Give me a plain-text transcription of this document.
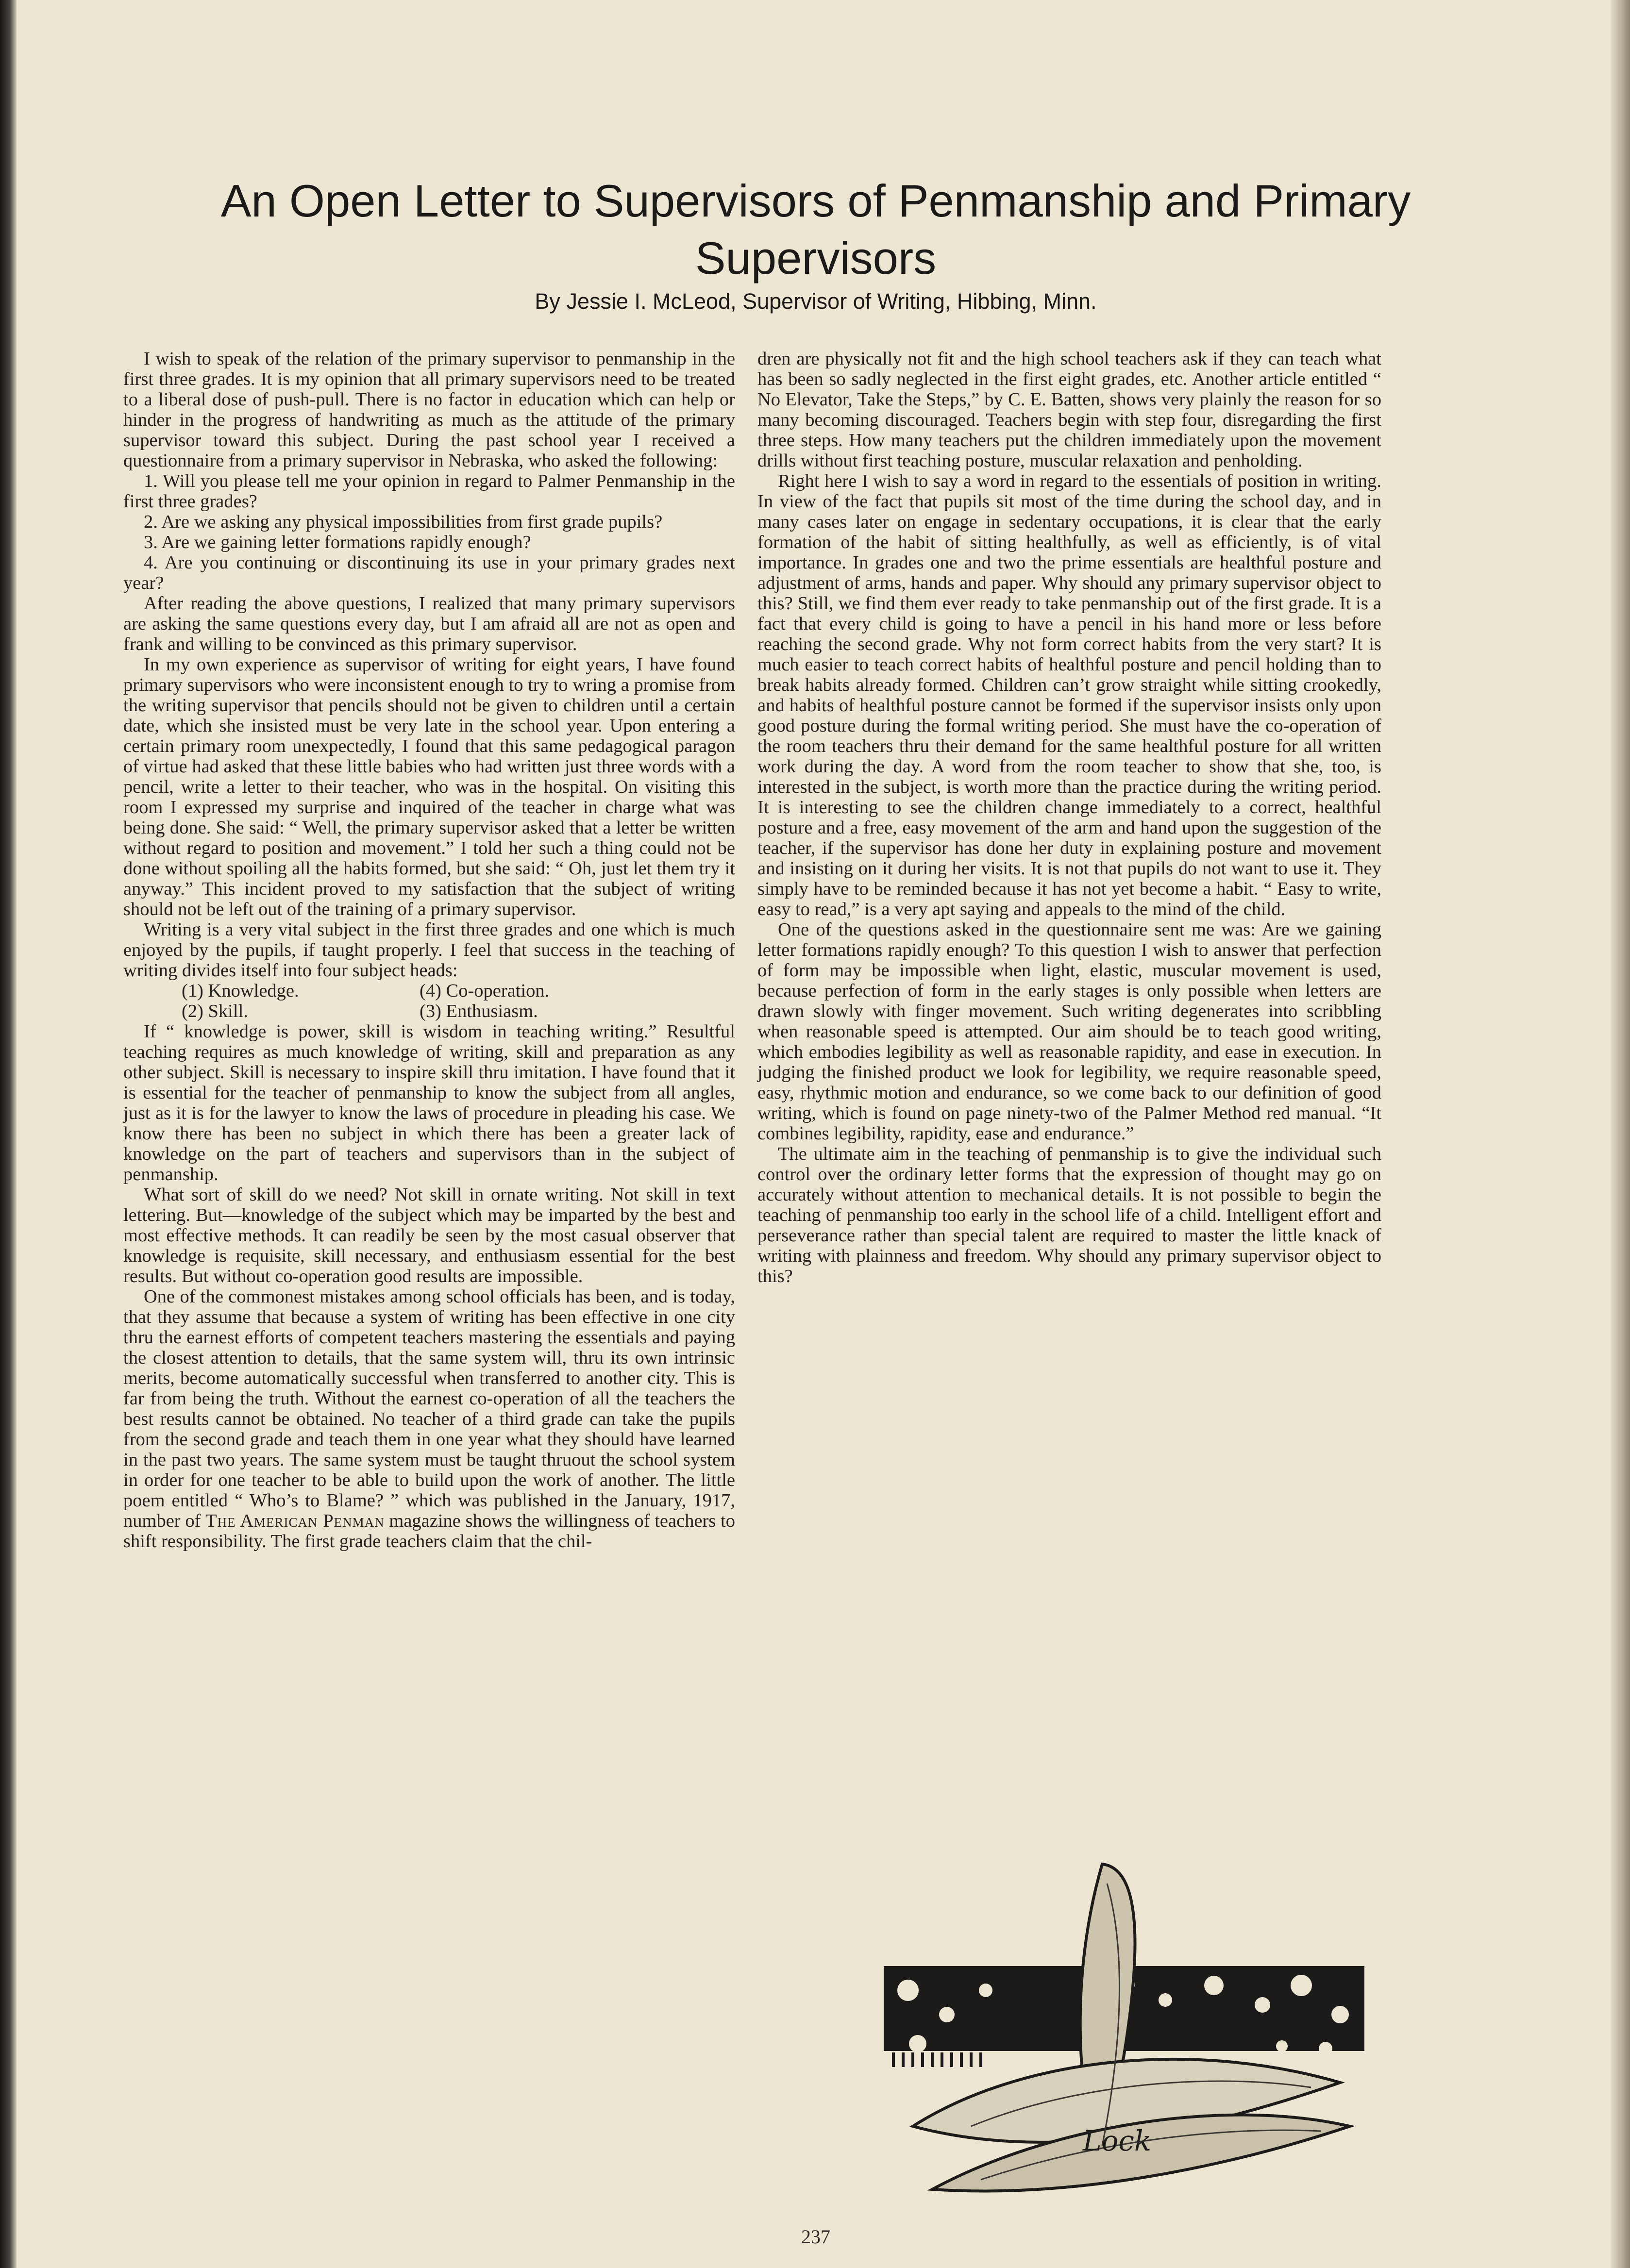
An Open Letter to Supervisors of Penmanship and Primary Supervisors
By Jessie I. McLeod, Supervisor of Writing, Hibbing, Minn.

I wish to speak of the relation of the primary supervisor to penmanship in the first three grades. It is my opinion that all primary supervisors need to be treated to a liberal dose of push-pull. There is no factor in education which can help or hinder in the progress of handwriting as much as the attitude of the primary supervisor toward this subject. During the past school year I received a questionnaire from a primary supervisor in Nebraska, who asked the following:

1. Will you please tell me your opinion in regard to Palmer Penmanship in the first three grades?

2. Are we asking any physical impossibilities from first grade pupils?

3. Are we gaining letter formations rapidly enough?

4. Are you continuing or discontinuing its use in your primary grades next year?

After reading the above questions, I realized that many primary supervisors are asking the same questions every day, but I am afraid all are not as open and frank and willing to be convinced as this primary supervisor.

In my own experience as supervisor of writing for eight years, I have found primary supervisors who were inconsistent enough to try to wring a promise from the writing supervisor that pencils should not be given to children until a certain date, which she insisted must be very late in the school year. Upon entering a certain primary room unexpectedly, I found that this same pedagogical paragon of virtue had asked that these little babies who had written just three words with a pencil, write a letter to their teacher, who was in the hospital. On visiting this room I expressed my surprise and inquired of the teacher in charge what was being done. She said: “ Well, the primary supervisor asked that a letter be written without regard to position and movement.” I told her such a thing could not be done without spoiling all the habits formed, but she said: “ Oh, just let them try it anyway.” This incident proved to my satisfaction that the subject of writing should not be left out of the training of a primary supervisor.

Writing is a very vital subject in the first three grades and one which is much enjoyed by the pupils, if taught properly. I feel that success in the teaching of writing divides itself into four subject heads:

(1) Knowledge.	(4) Co-operation.
(2) Skill.	(3) Enthusiasm.

If “ knowledge is power, skill is wisdom in teaching writing.” Resultful teaching requires as much knowledge of writing, skill and preparation as any other subject. Skill is necessary to inspire skill thru imitation. I have found that it is essential for the teacher of penmanship to know the subject from all angles, just as it is for the lawyer to know the laws of procedure in pleading his case. We know there has been no subject in which there has been a greater lack of knowledge on the part of teachers and supervisors than in the subject of penmanship.

What sort of skill do we need? Not skill in ornate writing. Not skill in text lettering. But—knowledge of the subject which may be imparted by the best and most effective methods. It can readily be seen by the most casual observer that knowledge is requisite, skill necessary, and enthusiasm essential for the best results. But without co-operation good results are impossible.

One of the commonest mistakes among school officials has been, and is today, that they assume that because a system of writing has been effective in one city thru the earnest efforts of competent teachers mastering the essentials and paying the closest attention to details, that the same system will, thru its own intrinsic merits, become automatically successful when transferred to another city. This is far from being the truth. Without the earnest co-operation of all the teachers the best results cannot be obtained. No teacher of a third grade can take the pupils from the second grade and teach them in one year what they should have learned in the past two years. The same system must be taught thruout the school system in order for one teacher to be able to build upon the work of another. The little poem entitled “ Who’s to Blame? ” which was published in the January, 1917, number of The American Penman magazine shows the willingness of teachers to shift responsibility. The first grade teachers claim that the chil-

dren are physically not fit and the high school teachers ask if they can teach what has been so sadly neglected in the first eight grades, etc. Another article entitled “ No Elevator, Take the Steps,” by C. E. Batten, shows very plainly the reason for so many becoming discouraged. Teachers begin with step four, disregarding the first three steps. How many teachers put the children immediately upon the movement drills without first teaching posture, muscular relaxation and penholding.

Right here I wish to say a word in regard to the essentials of position in writing. In view of the fact that pupils sit most of the time during the school day, and in many cases later on engage in sedentary occupations, it is clear that the early formation of the habit of sitting healthfully, as well as efficiently, is of vital importance. In grades one and two the prime essentials are healthful posture and adjustment of arms, hands and paper. Why should any primary supervisor object to this? Still, we find them ever ready to take penmanship out of the first grade. It is a fact that every child is going to have a pencil in his hand more or less before reaching the second grade. Why not form correct habits from the very start? It is much easier to teach correct habits of healthful posture and pencil holding than to break habits already formed. Children can’t grow straight while sitting crookedly, and habits of healthful posture cannot be formed if the supervisor insists only upon good posture during the formal writing period. She must have the co-operation of the room teachers thru their demand for the same healthful posture for all written work during the day. A word from the room teacher to show that she, too, is interested in the subject, is worth more than the practice during the writing period. It is interesting to see the children change immediately to a correct, healthful posture and a free, easy movement of the arm and hand upon the suggestion of the teacher, if the supervisor has done her duty in explaining posture and movement and insisting on it during her visits. It is not that pupils do not want to use it. They simply have to be reminded because it has not yet become a habit. “ Easy to write, easy to read,” is a very apt saying and appeals to the mind of the child.

One of the questions asked in the questionnaire sent me was: Are we gaining letter formations rapidly enough? To this question I wish to answer that perfection of form may be impossible when light, elastic, muscular movement is used, because perfection of form in the early stages is only possible when letters are drawn slowly with finger movement. Such writing degenerates into scribbling when reasonable speed is attempted. Our aim should be to teach good writing, which embodies legibility as well as reasonable rapidity, and ease in execution. In judging the finished product we look for legibility, we require reasonable speed, easy, rhythmic motion and endurance, so we come back to our definition of good writing, which is found on page ninety-two of the Palmer Method red manual. “It combines legibility, rapidity, ease and endurance.”

The ultimate aim in the teaching of penmanship is to give the individual such control over the ordinary letter forms that the expression of thought may go on accurately without attention to mechanical details. It is not possible to begin the teaching of penmanship too early in the school life of a child. Intelligent effort and perseverance rather than special talent are required to master the little knack of writing with plainness and freedom. Why should any primary supervisor object to this?

Lock
237
